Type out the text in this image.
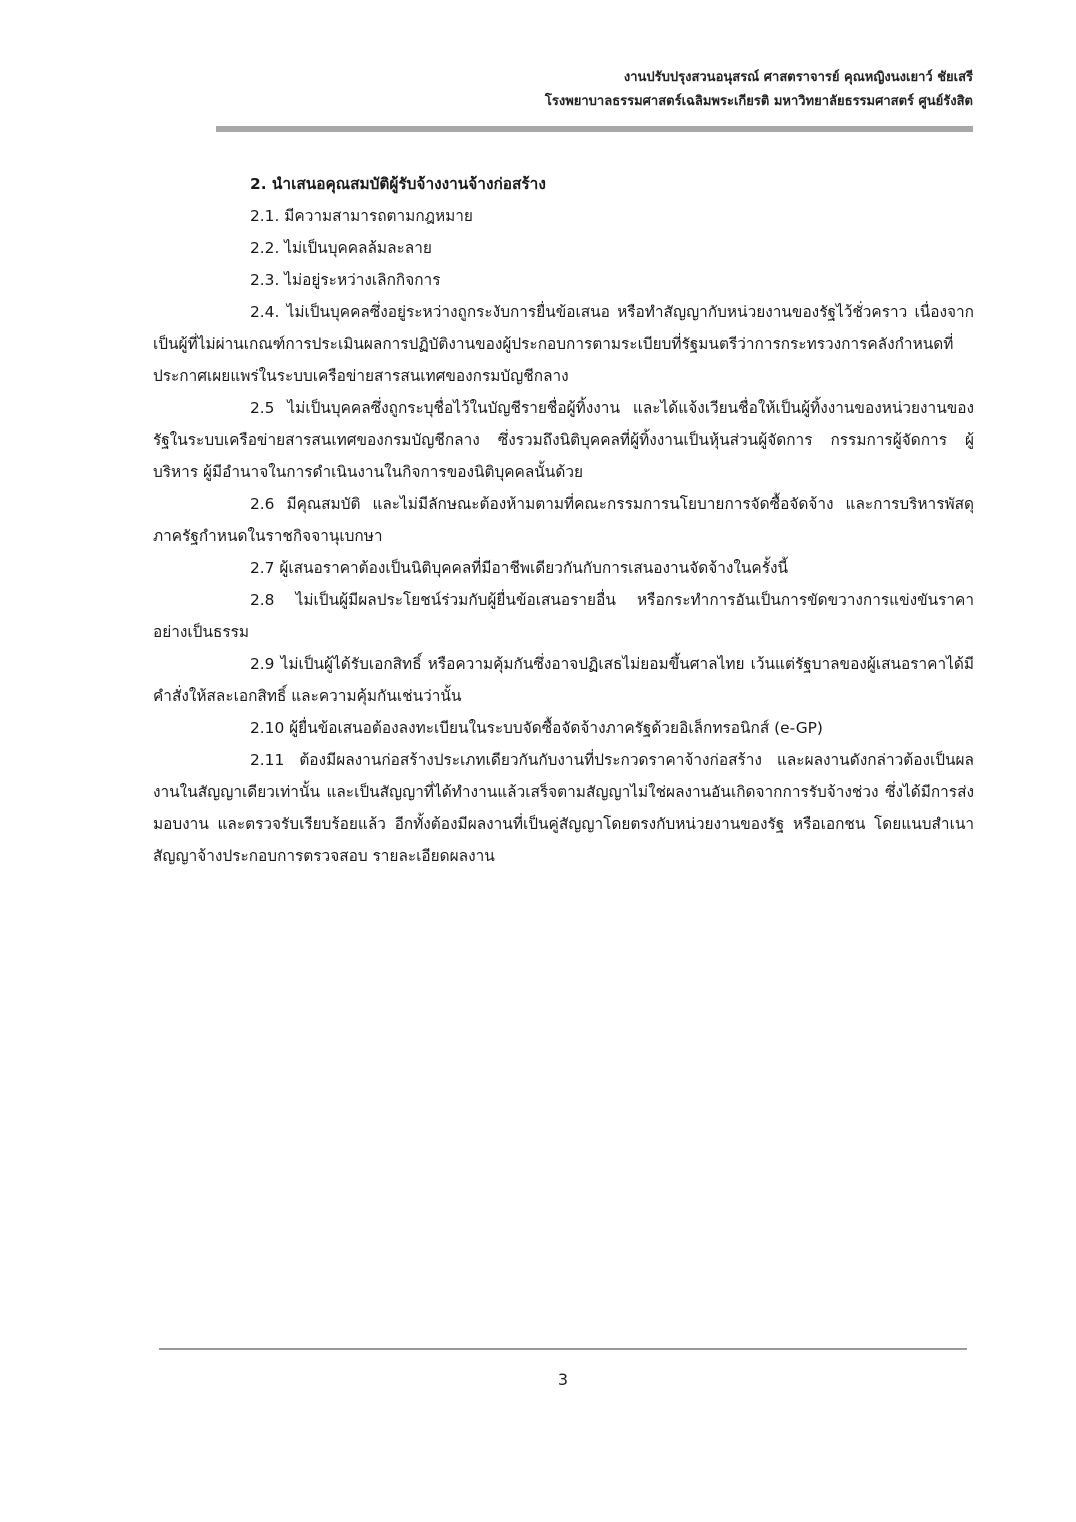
งานปรับปรุงสวนอนุสรณ์ ศาสตราจารย์ คุณหญิงนงเยาว์ ชัยเสรี
โรงพยาบาลธรรมศาสตร์เฉลิมพระเกียรติ มหาวิทยาลัยธรรมศาสตร์ ศูนย์รังสิต

2. นำเสนอคุณสมบัติผู้รับจ้างงานจ้างก่อสร้าง

2.1. มีความสามารถตามกฎหมาย

2.2. ไม่เป็นบุคคลล้มละลาย

2.3. ไม่อยู่ระหว่างเลิกกิจการ

2.4. ไม่เป็นบุคคลซึ่งอยู่ระหว่างถูกระงับการยื่นข้อเสนอ หรือทำสัญญากับหน่วยงานของรัฐไว้ชั่วคราว เนื่องจากเป็นผู้ที่ไม่ผ่านเกณฑ์การประเมินผลการปฏิบัติงานของผู้ประกอบการตามระเบียบที่รัฐมนตรีว่าการกระทรวงการคลังกำหนดที่ประกาศเผยแพร่ในระบบเครือข่ายสารสนเทศของกรมบัญชีกลาง

2.5 ไม่เป็นบุคคลซึ่งถูกระบุชื่อไว้ในบัญชีรายชื่อผู้ทิ้งงาน และได้แจ้งเวียนชื่อให้เป็นผู้ทิ้งงานของหน่วยงานของรัฐในระบบเครือข่ายสารสนเทศของกรมบัญชีกลาง ซึ่งรวมถึงนิติบุคคลที่ผู้ทิ้งงานเป็นหุ้นส่วนผู้จัดการ กรรมการผู้จัดการ ผู้บริหาร ผู้มีอำนาจในการดำเนินงานในกิจการของนิติบุคคลนั้นด้วย

2.6 มีคุณสมบัติ และไม่มีลักษณะต้องห้ามตามที่คณะกรรมการนโยบายการจัดซื้อจัดจ้าง และการบริหารพัสดุภาครัฐกำหนดในราชกิจจานุเบกษา

2.7 ผู้เสนอราคาต้องเป็นนิติบุคคลที่มีอาชีพเดียวกันกับการเสนองานจัดจ้างในครั้งนี้

2.8 ไม่เป็นผู้มีผลประโยชน์ร่วมกับผู้ยื่นข้อเสนอรายอื่น หรือกระทำการอันเป็นการขัดขวางการแข่งขันราคาอย่างเป็นธรรม

2.9 ไม่เป็นผู้ได้รับเอกสิทธิ์ หรือความคุ้มกันซึ่งอาจปฏิเสธไม่ยอมขึ้นศาลไทย เว้นแต่รัฐบาลของผู้เสนอราคาได้มีคำสั่งให้สละเอกสิทธิ์ และความคุ้มกันเช่นว่านั้น

2.10 ผู้ยื่นข้อเสนอต้องลงทะเบียนในระบบจัดซื้อจัดจ้างภาครัฐด้วยอิเล็กทรอนิกส์ (e-GP)

2.11 ต้องมีผลงานก่อสร้างประเภทเดียวกันกับงานที่ประกวดราคาจ้างก่อสร้าง และผลงานดังกล่าวต้องเป็นผลงานในสัญญาเดียวเท่านั้น และเป็นสัญญาที่ได้ทำงานแล้วเสร็จตามสัญญาไม่ใช่ผลงานอันเกิดจากการรับจ้างช่วง ซึ่งได้มีการส่งมอบงาน และตรวจรับเรียบร้อยแล้ว อีกทั้งต้องมีผลงานที่เป็นคู่สัญญาโดยตรงกับหน่วยงานของรัฐ หรือเอกชน โดยแนบสำเนาสัญญาจ้างประกอบการตรวจสอบ รายละเอียดผลงาน

3
